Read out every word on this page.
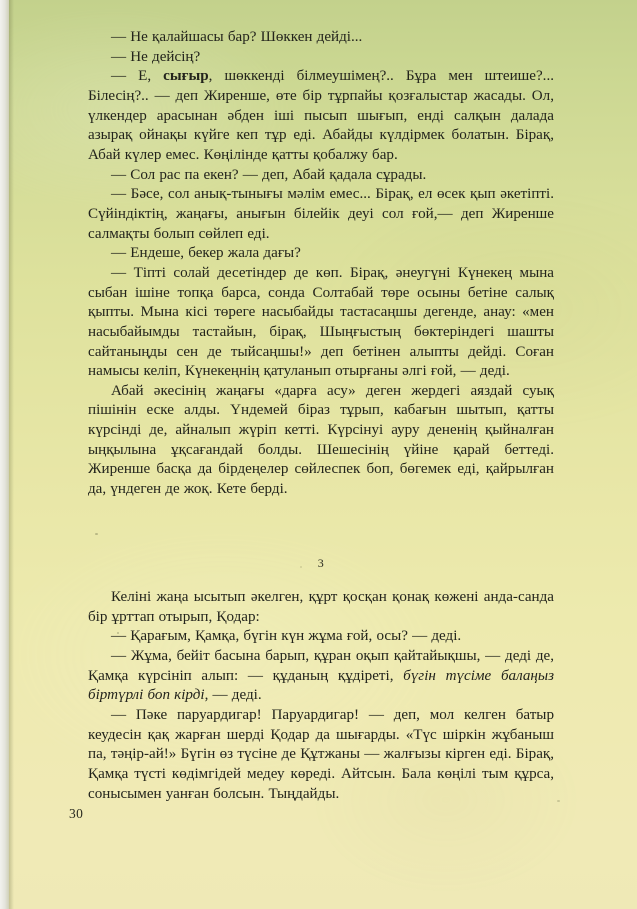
— Не қалайшасы бар? Шөккен дейді...

— Не дейсің?

— Е, сығыр, шөккенді білмеушімең?.. Бұра мен штеише?... Білесің?.. — деп Жиренше, өте бір тұрпайы қозғалыстар жасады. Ол, үлкендер арасынан әбден іші пысып шығып, енді салқын далада азырақ ойнақы күйге кеп тұр еді. Абайды күлдірмек болатын. Бірақ, Абай күлер емес. Көңілінде қатты қобалжу бар.

— Сол рас па екен? — деп, Абай қадала сұрады.

— Бәсе, сол анық-тынығы мәлім емес... Бірақ, ел өсек қып әкетіпті. Сүйіндіктің, жаңағы, анығын білейік деуі сол ғой,— деп Жиренше салмақты болып сөйлеп еді.

— Ендеше, бекер жала дағы?

— Тіпті солай десетіндер де көп. Бірақ, әнеугүні Күнекең мына сыбан ішіне топқа барса, сонда Солтабай төре осыны бетіне салық қыпты. Мына кісі төреге насыбайды тастасаңшы дегенде, анау: «мен насыбайымды тастайын, бірақ, Шыңғыстың бөктеріндегі шашты сайтаныңды сен де тыйсаңшы!» деп бетінен алыпты дейді. Соған намысы келіп, Күнекеңнің қатуланып отырғаны әлгі ғой, — деді.

Абай әкесінің жаңағы «дарға асу» деген жердегі аяздай суық пішінін еске алды. Үндемей біраз тұрып, кабағын шытып, қатты күрсінді де, айналып жүріп кетті. Күрсінуі ауру дененің қыйналған ыңқылына ұқсағандай болды. Шешесінің үйіне қарай беттеді. Жиренше басқа да бірдеңелер сөйлеспек боп, бөгемек еді, қайрылған да, үндеген де жоқ. Кете берді.

3

Келіні жаңа ысытып әкелген, құрт қосқан қонақ көжені анда-санда бір ұрттап отырып, Қодар:

— Қарағым, Қамқа, бүгін күн жұма ғой, осы? — деді.

— Жұма, бейіт басына барып, құран оқып қайтайықшы, — деді де, Қамқа күрсініп алып: — құданың құдіреті, бүгін түсіме балаңыз біртүрлі боп кірді, — деді.

— Пәке паруардигар! Паруардигар! — деп, мол келген батыр кеудесін қақ жарған шерді Қодар да шығарды. «Түс шіркін жұбаныш па, тәңір-ай!» Бүгін өз түсіне де Құтжаны — жалғызы кірген еді. Бірақ, Қамқа түсті көдімгідей медеу көреді. Айтсын. Бала көңілі тым құрса, сонысымен уанған болсын. Тыңдайды.

30
